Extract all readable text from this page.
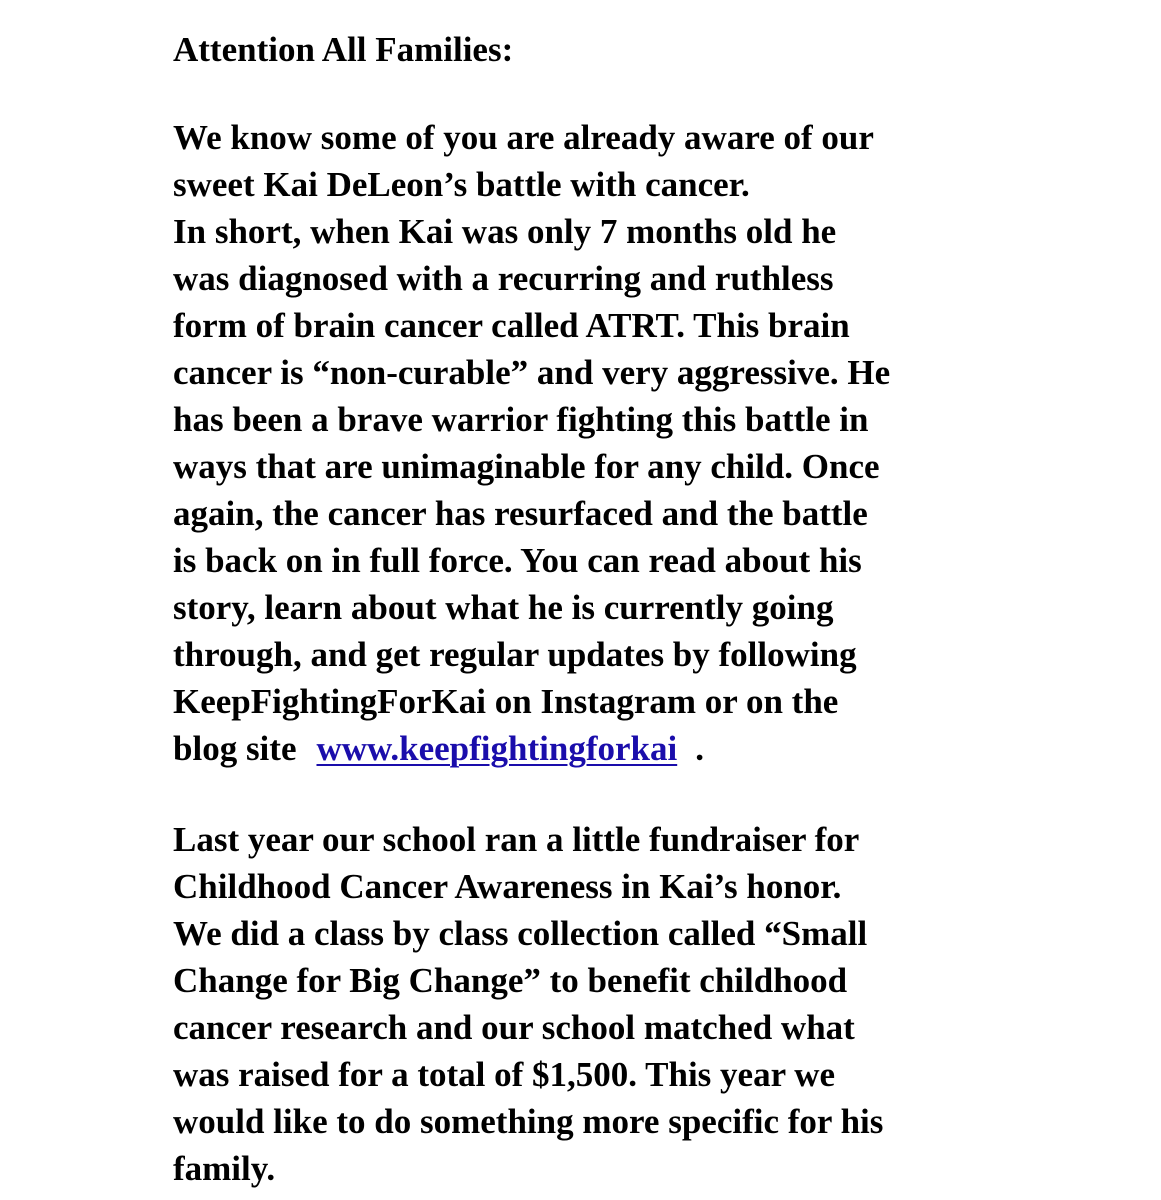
Attention All Families:
We know some of you are already aware of our
sweet Kai DeLeon’s battle with cancer.
In short, when Kai was only 7 months old he
was diagnosed with a recurring and ruthless
form of brain cancer called ATRT. This brain
cancer is “non-curable” and very aggressive. He
has been a brave warrior fighting this battle in
ways that are unimaginable for any child. Once
again, the cancer has resurfaced and the battle
is back on in full force. You can read about his
story, learn about what he is currently going
through, and get regular updates by following
KeepFightingForKai on Instagram or on the
blog site www.keepfightingforkai .
Last year our school ran a little fundraiser for
Childhood Cancer Awareness in Kai’s honor.
We did a class by class collection called “Small
Change for Big Change” to benefit childhood
cancer research and our school matched what
was raised for a total of $1,500. This year we
would like to do something more specific for his
family.
